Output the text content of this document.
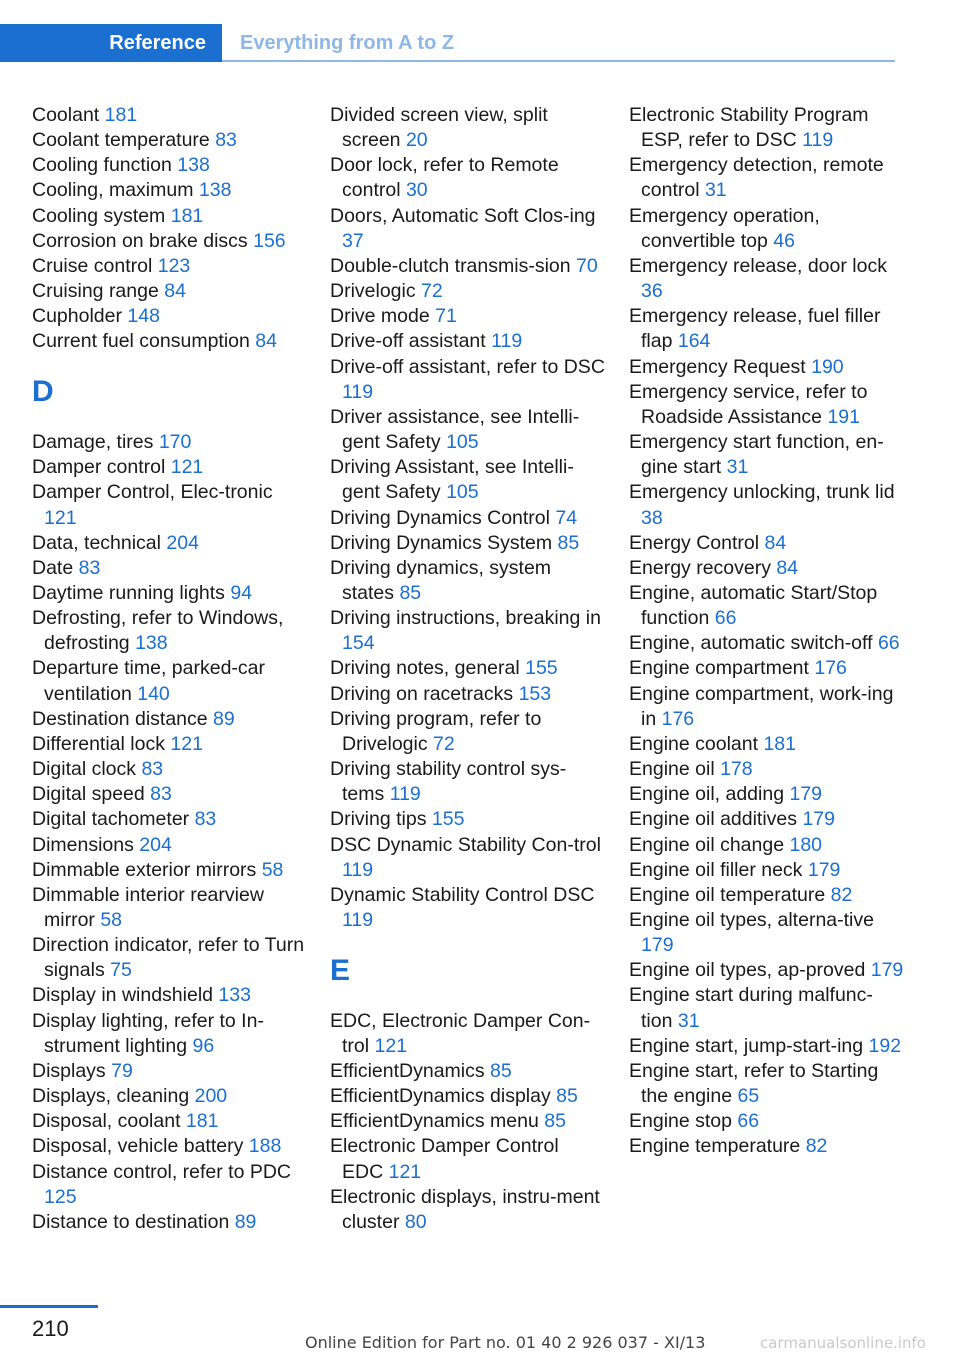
Reference	Everything from A to Z
Coolant 181
Coolant temperature 83
Cooling function 138
Cooling, maximum 138
Cooling system 181
Corrosion on brake discs 156
Cruise control 123
Cruising range 84
Cupholder 148
Current fuel consumption 84
D
Damage, tires 170
Damper control 121
Damper Control, Elec-tronic 121
Data, technical 204
Date 83
Daytime running lights 94
Defrosting, refer to Windows, defrosting 138
Departure time, parked-car ventilation 140
Destination distance 89
Differential lock 121
Digital clock 83
Digital speed 83
Digital tachometer 83
Dimensions 204
Dimmable exterior mirrors 58
Dimmable interior rearview mirror 58
Direction indicator, refer to Turn signals 75
Display in windshield 133
Display lighting, refer to In-strument lighting 96
Displays 79
Displays, cleaning 200
Disposal, coolant 181
Disposal, vehicle battery 188
Distance control, refer to PDC 125
Distance to destination 89
Divided screen view, split screen 20
Door lock, refer to Remote control 30
Doors, Automatic Soft Clos-ing 37
Double-clutch transmis-sion 70
Drivelogic 72
Drive mode 71
Drive-off assistant 119
Drive-off assistant, refer to DSC 119
Driver assistance, see Intelli-gent Safety 105
Driving Assistant, see Intelli-gent Safety 105
Driving Dynamics Control 74
Driving Dynamics System 85
Driving dynamics, system states 85
Driving instructions, breaking in 154
Driving notes, general 155
Driving on racetracks 153
Driving program, refer to Drivelogic 72
Driving stability control sys-tems 119
Driving tips 155
DSC Dynamic Stability Con-trol 119
Dynamic Stability Control DSC 119
E
EDC, Electronic Damper Con-trol 121
EfficientDynamics 85
EfficientDynamics display 85
EfficientDynamics menu 85
Electronic Damper Control EDC 121
Electronic displays, instru-ment cluster 80
Electronic Stability Program ESP, refer to DSC 119
Emergency detection, remote control 31
Emergency operation, convertible top 46
Emergency release, door lock 36
Emergency release, fuel filler flap 164
Emergency Request 190
Emergency service, refer to Roadside Assistance 191
Emergency start function, en-gine start 31
Emergency unlocking, trunk lid 38
Energy Control 84
Energy recovery 84
Engine, automatic Start/Stop function 66
Engine, automatic switch-off 66
Engine compartment 176
Engine compartment, work-ing in 176
Engine coolant 181
Engine oil 178
Engine oil, adding 179
Engine oil additives 179
Engine oil change 180
Engine oil filler neck 179
Engine oil temperature 82
Engine oil types, alterna-tive 179
Engine oil types, ap-proved 179
Engine start during malfunc-tion 31
Engine start, jump-start-ing 192
Engine start, refer to Starting the engine 65
Engine stop 66
Engine temperature 82
210
Online Edition for Part no. 01 40 2 926 037 - XI/13	carmanualsonline.info
